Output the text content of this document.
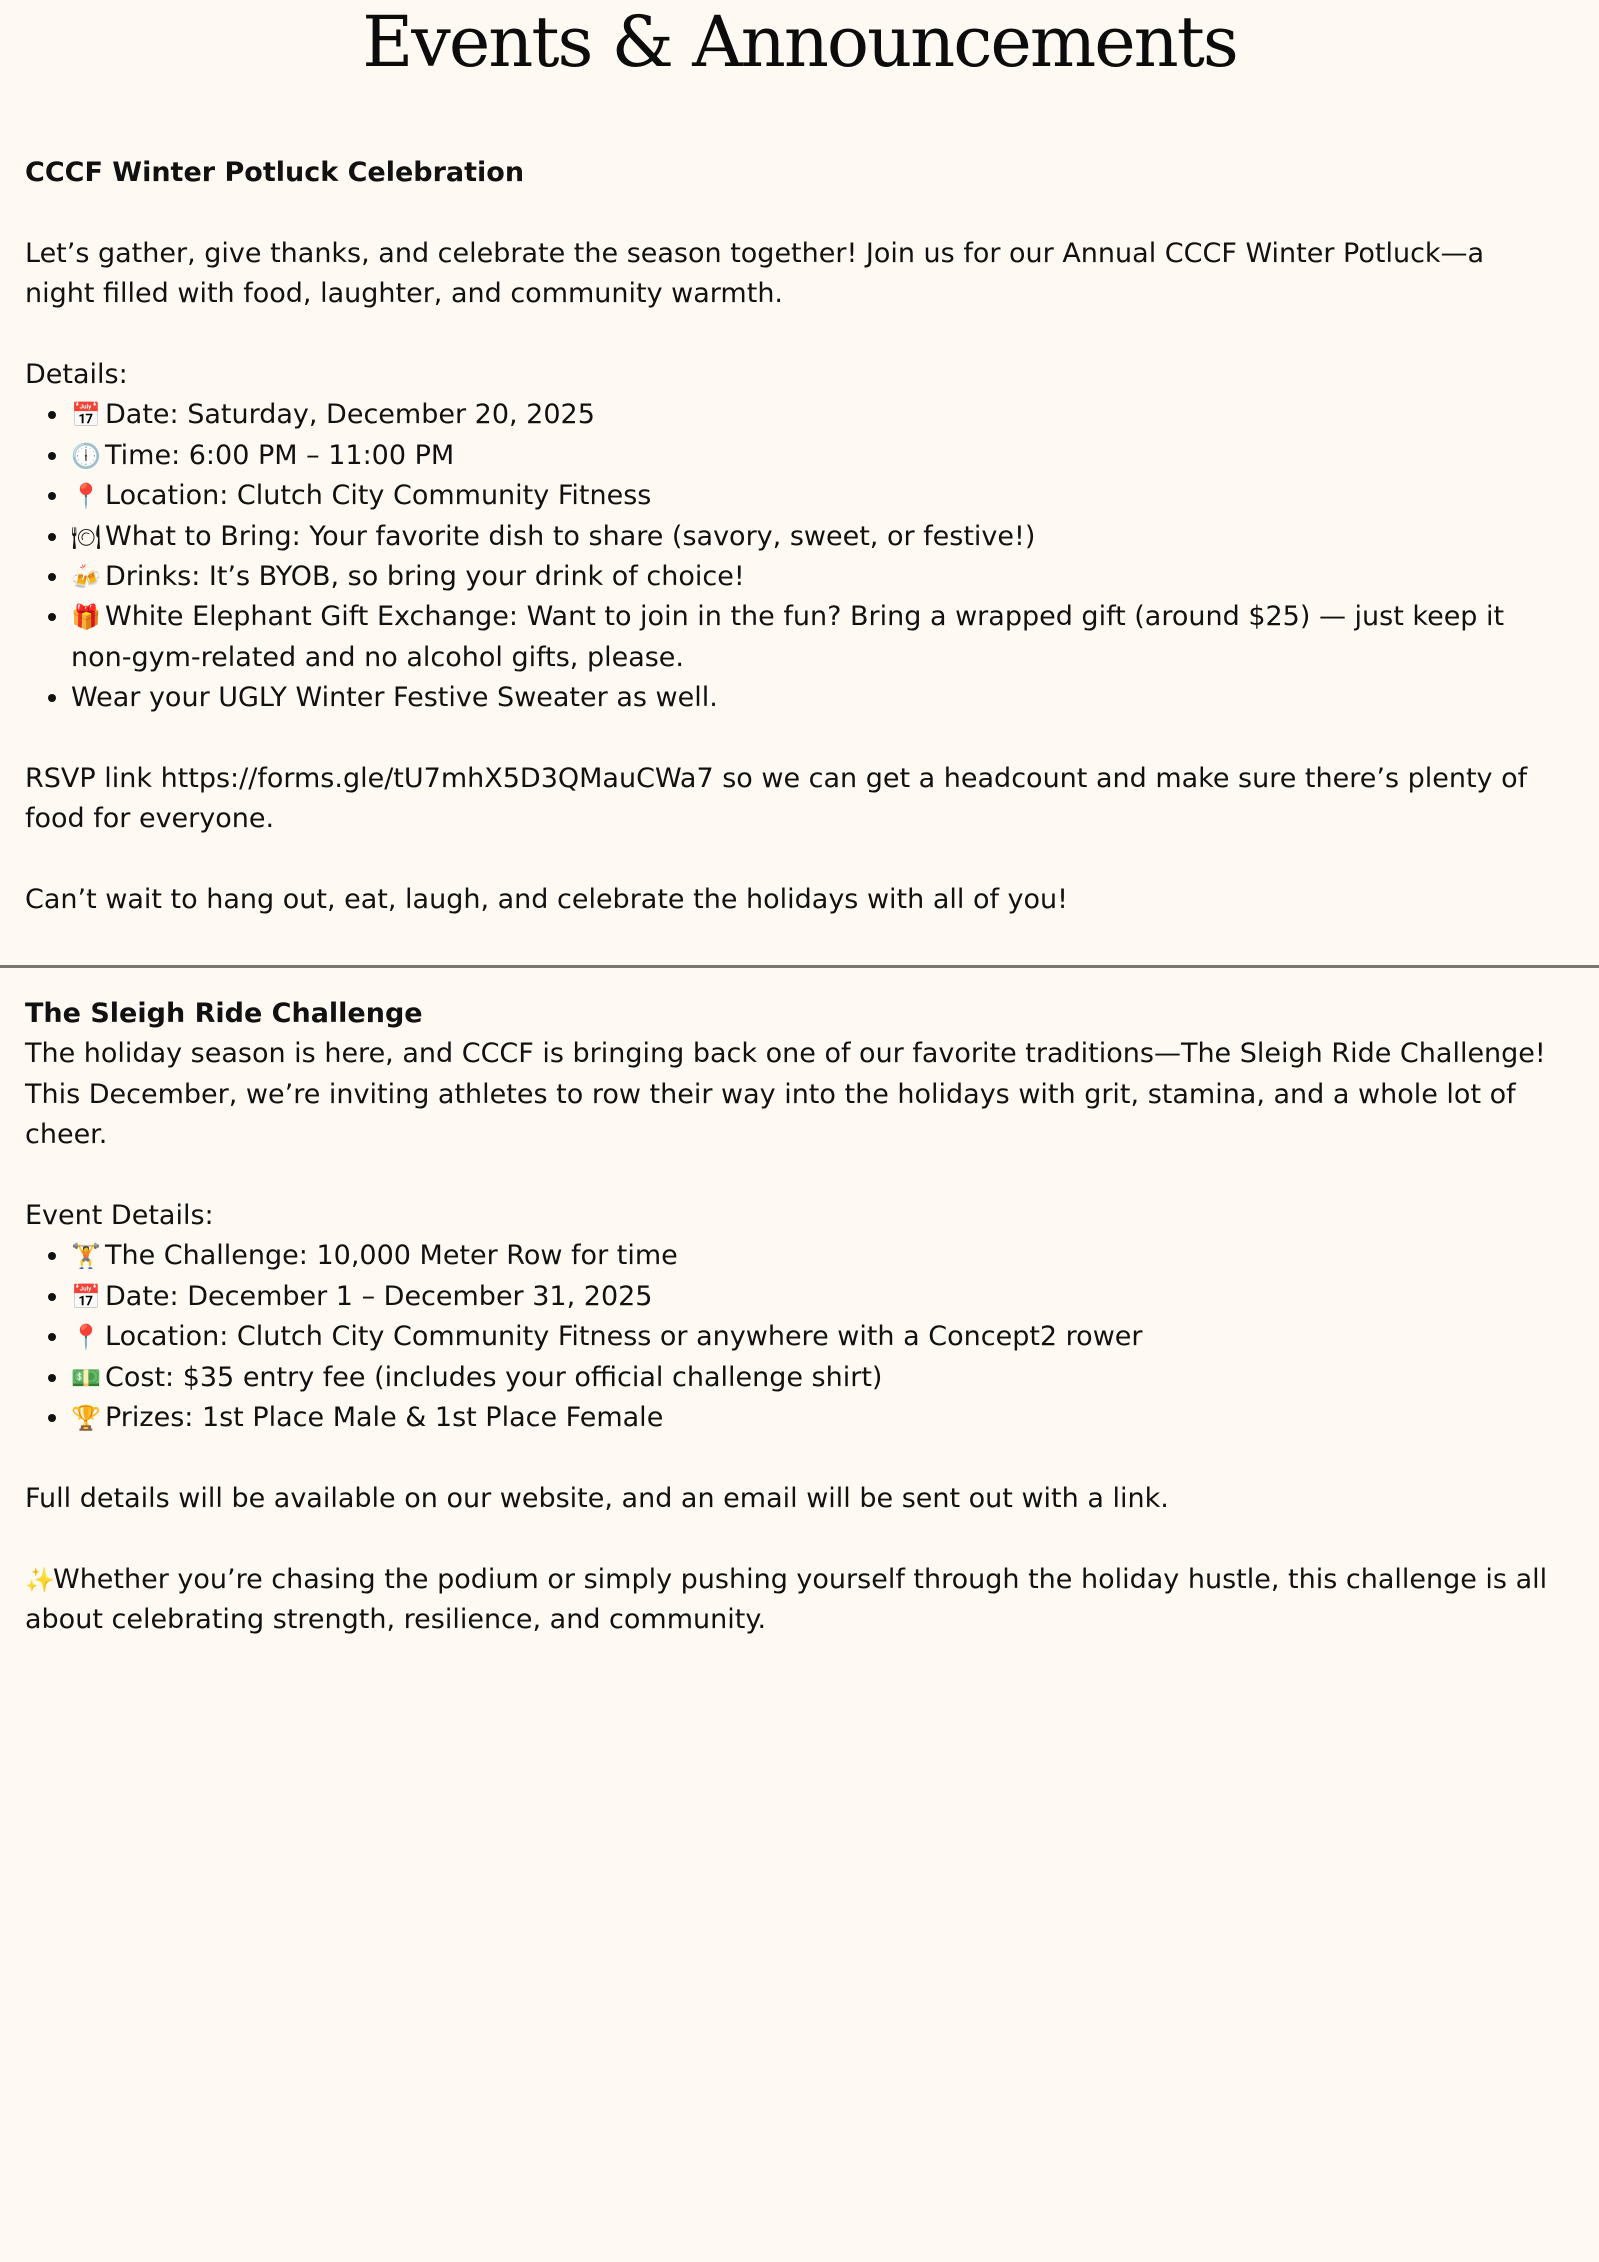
Events & Announcements

CCCF Winter Potluck Celebration

Let’s gather, give thanks, and celebrate the season together! Join us for our Annual CCCF Winter Potluck—a night filled with food, laughter, and community warmth.

Details:

• 📅 Date: Saturday, December 20, 2025
• 🕕 Time: 6:00 PM – 11:00 PM
• 📍 Location: Clutch City Community Fitness
• 🍽 What to Bring: Your favorite dish to share (savory, sweet, or festive!)
• 🍻 Drinks: It’s BYOB, so bring your drink of choice!
• 🎁 White Elephant Gift Exchange: Want to join in the fun? Bring a wrapped gift (around $25) — just keep it non-gym-related and no alcohol gifts, please.
• Wear your UGLY Winter Festive Sweater as well.

RSVP link https://forms.gle/tU7mhX5D3QMauCWa7 so we can get a headcount and make sure there’s plenty of food for everyone.

Can’t wait to hang out, eat, laugh, and celebrate the holidays with all of you!

The Sleigh Ride Challenge

The holiday season is here, and CCCF is bringing back one of our favorite traditions—The Sleigh Ride Challenge! This December, we’re inviting athletes to row their way into the holidays with grit, stamina, and a whole lot of cheer.

Event Details:

• 🏋 The Challenge: 10,000 Meter Row for time
• 📅 Date: December 1 – December 31, 2025
• 📍 Location: Clutch City Community Fitness or anywhere with a Concept2 rower
• 💵 Cost: $35 entry fee (includes your official challenge shirt)
• 🏆 Prizes: 1st Place Male & 1st Place Female

Full details will be available on our website, and an email will be sent out with a link.

✨Whether you’re chasing the podium or simply pushing yourself through the holiday hustle, this challenge is all about celebrating strength, resilience, and community.
